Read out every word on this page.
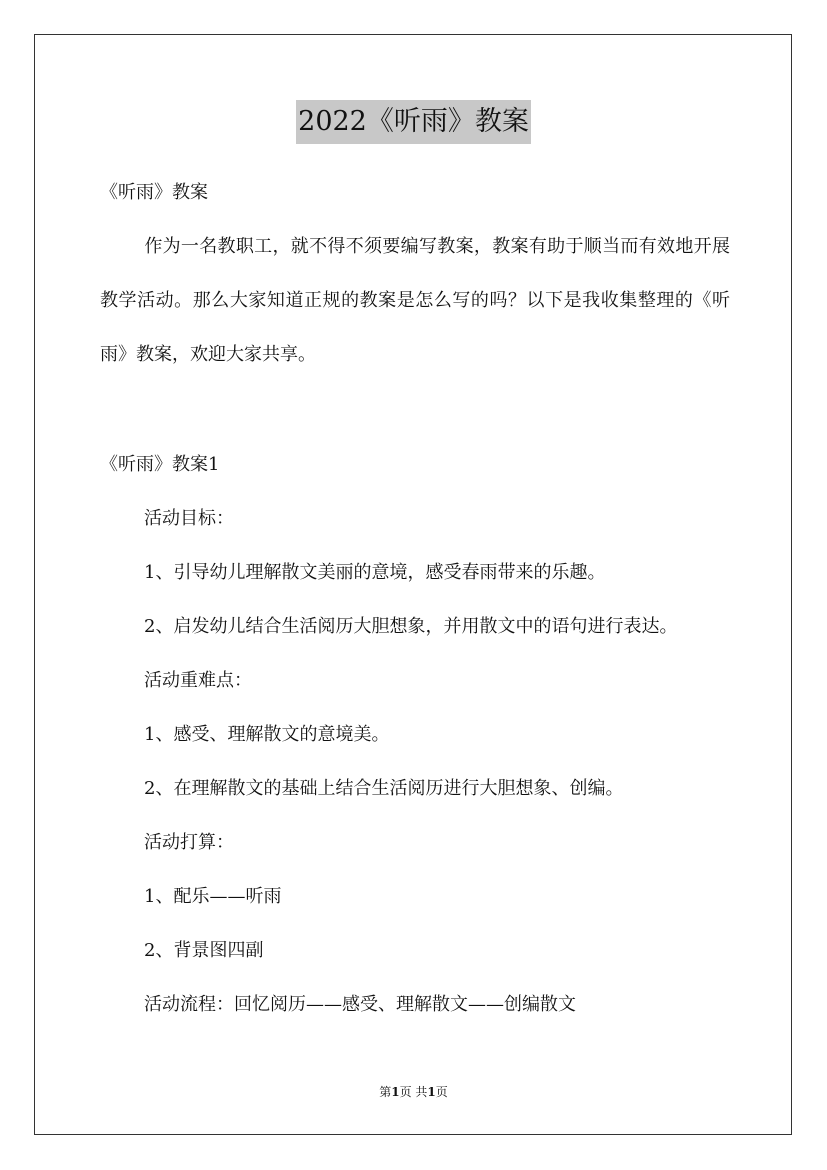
2022《听雨》教案
《听雨》教案
作为一名教职工，就不得不须要编写教案，教案有助于顺当而有效地开展教学活动。那么大家知道正规的教案是怎么写的吗？以下是我收集整理的《听雨》教案，欢迎大家共享。
《听雨》教案1
活动目标：
1、引导幼儿理解散文美丽的意境，感受春雨带来的乐趣。
2、启发幼儿结合生活阅历大胆想象，并用散文中的语句进行表达。
活动重难点：
1、感受、理解散文的意境美。
2、在理解散文的基础上结合生活阅历进行大胆想象、创编。
活动打算：
1、配乐——听雨
2、背景图四副
活动流程：回忆阅历——感受、理解散文——创编散文
第1页 共1页
